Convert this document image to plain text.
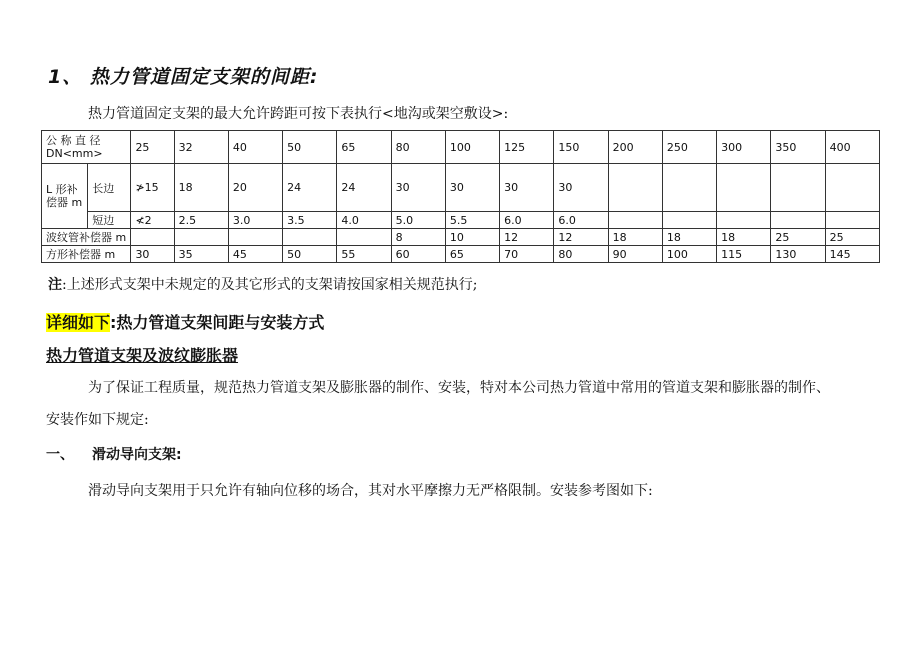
1、 热力管道固定支架的间距:
热力管道固定支架的最大允许跨距可按下表执行<地沟或架空敷设>:
公 称 直 径
DN<mm>		25	32	40	50	65	80	100	125	150	200	250	300	350	400

L 形补
偿器 m	长边	≯15	18	20	24	24	30	30	30	30					
	短边	≮2	2.5	3.0	3.5	4.0	5.0	5.5	6.0	6.0					
波纹管补偿器 m							8	10	12	12	18	18	18	25	25
方形补偿器 m		30	35	45	50	55	60	65	70	80	90	100	115	130	145
注:上述形式支架中未规定的及其它形式的支架请按国家相关规范执行;
详细如下:热力管道支架间距与安装方式
热力管道支架及波纹膨胀器
为了保证工程质量，规范热力管道支架及膨胀器的制作、安装，特对本公司热力管道中常用的管道支架和膨胀器的制作、
安装作如下规定:
一、 滑动导向支架:
滑动导向支架用于只允许有轴向位移的场合，其对水平摩擦力无严格限制。安装参考图如下:
